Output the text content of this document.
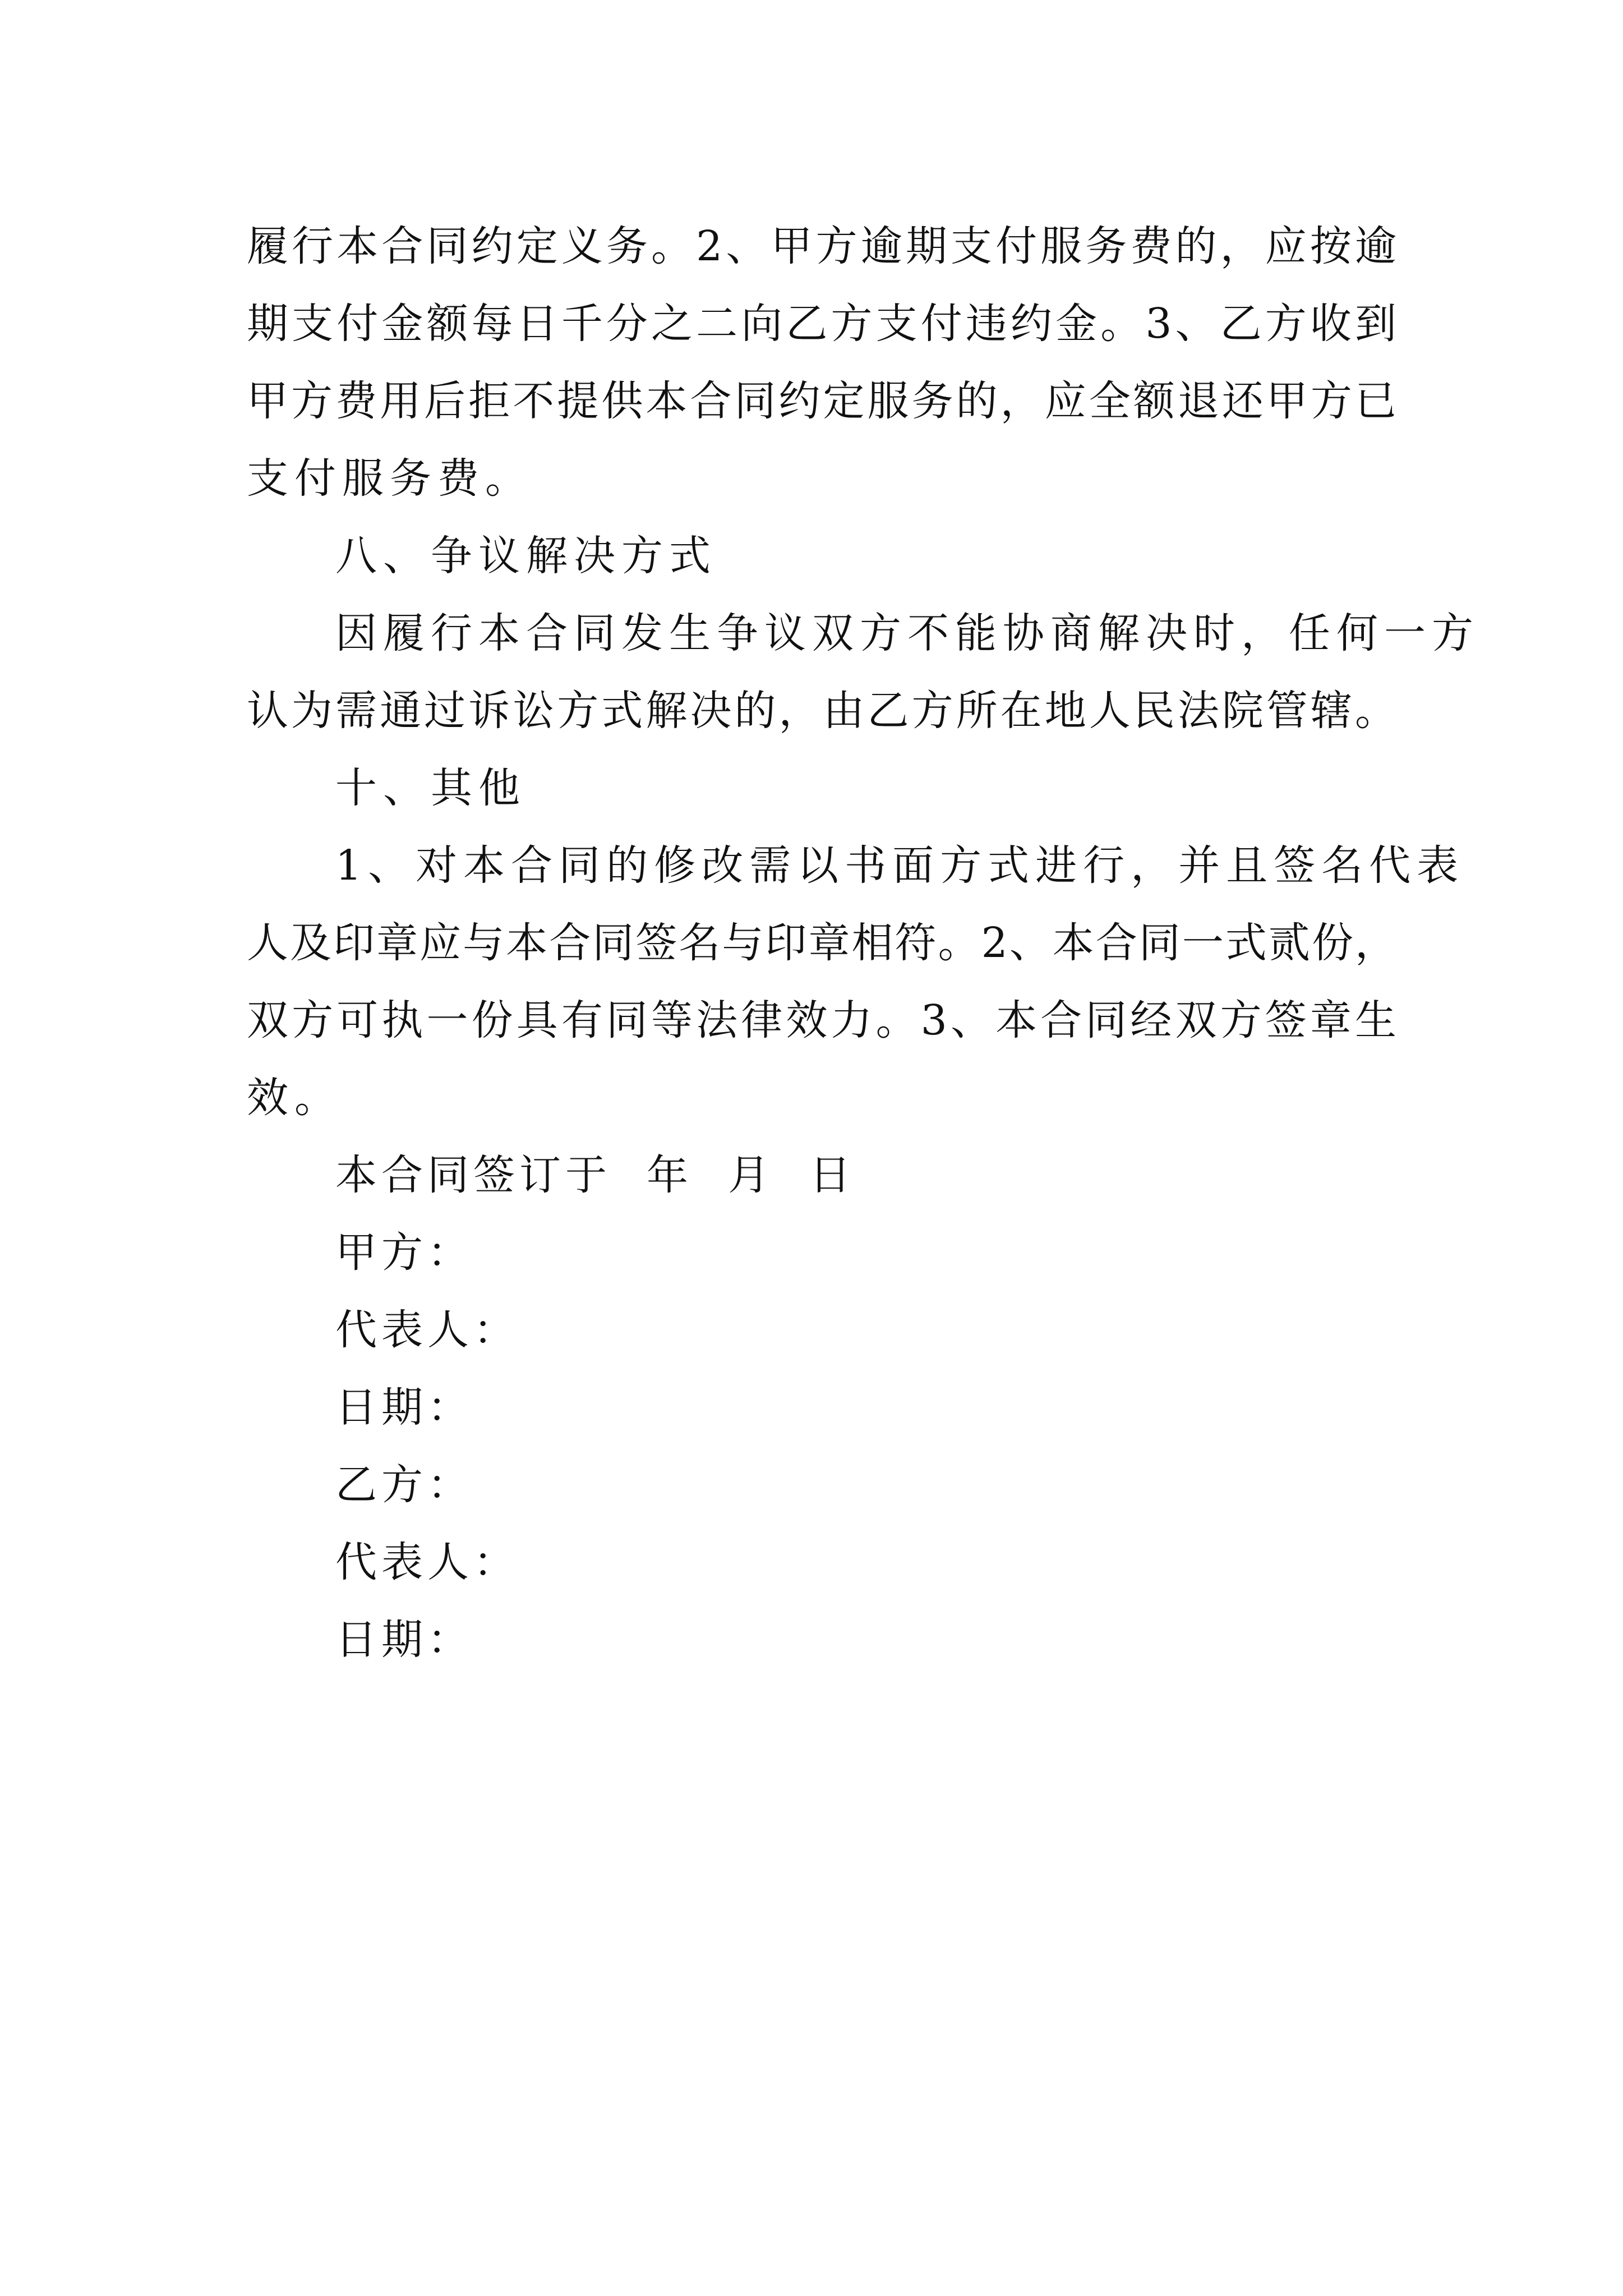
履行本合同约定义务。2、甲方逾期支付服务费的，应按逾
期支付金额每日千分之二向乙方支付违约金。3、乙方收到
甲方费用后拒不提供本合同约定服务的，应全额退还甲方已
支付服务费。
八、争议解决方式
因履行本合同发生争议双方不能协商解决时，任何一方
认为需通过诉讼方式解决的，由乙方所在地人民法院管辖。
十、其他
1、对本合同的修改需以书面方式进行，并且签名代表
人及印章应与本合同签名与印章相符。2、本合同一式贰份，
双方可执一份具有同等法律效力。3、本合同经双方签章生
效。
本合同签订于  年  月  日
甲方：
代表人：
日期：
乙方：
代表人：
日期：
